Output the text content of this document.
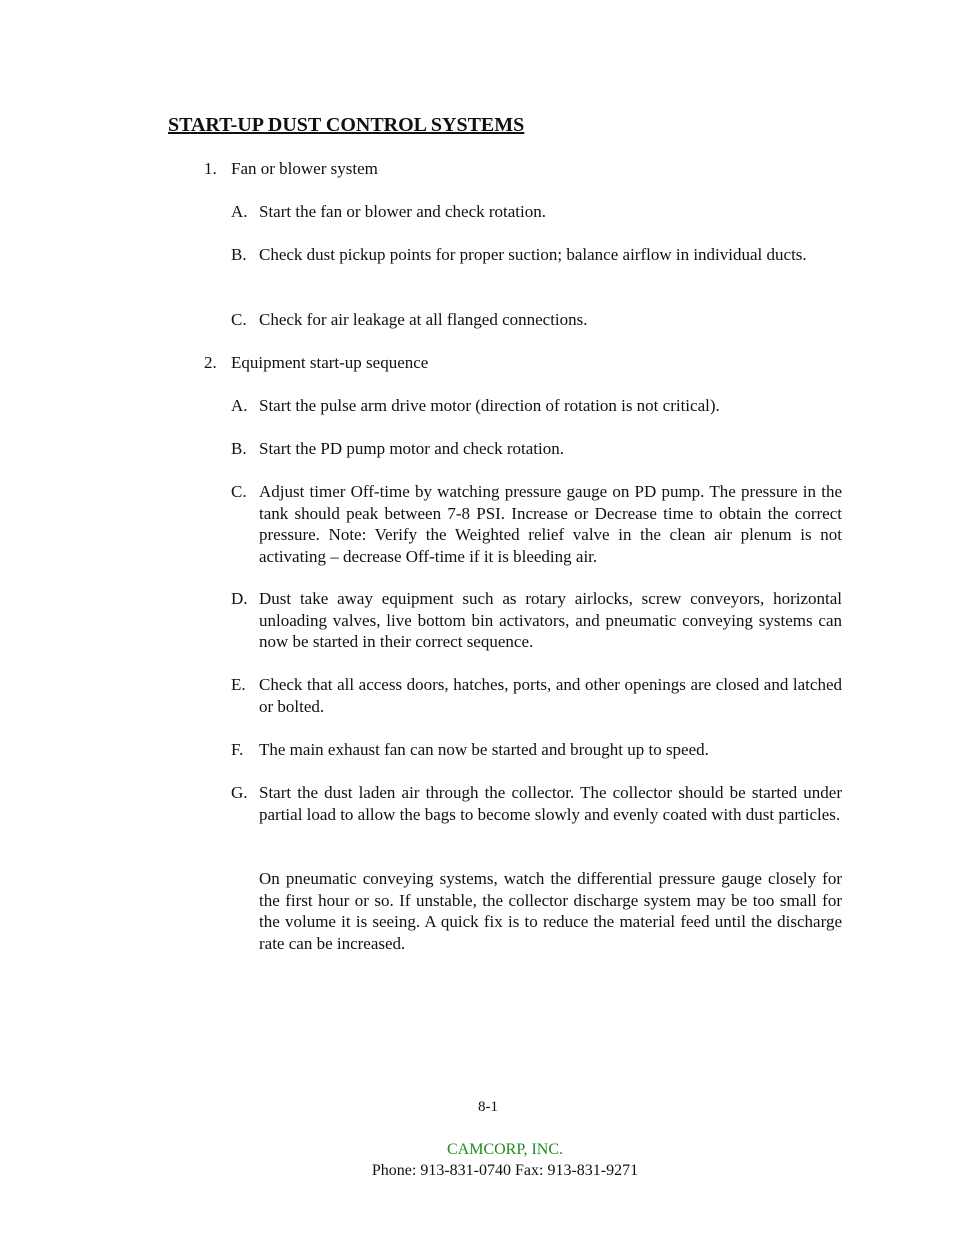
START-UP DUST CONTROL SYSTEMS
1. Fan or blower system
A. Start the fan or blower and check rotation.
B. Check dust pickup points for proper suction; balance airflow in individual ducts.
C. Check for air leakage at all flanged connections.
2. Equipment start-up sequence
A. Start the pulse arm drive motor (direction of rotation is not critical).
B. Start the PD pump motor and check rotation.
C. Adjust timer Off-time by watching pressure gauge on PD pump. The pressure in the tank should peak between 7-8 PSI. Increase or Decrease time to obtain the correct pressure. Note: Verify the Weighted relief valve in the clean air plenum is not activating – decrease Off-time if it is bleeding air.
D. Dust take away equipment such as rotary airlocks, screw conveyors, horizontal unloading valves, live bottom bin activators, and pneumatic conveying systems can now be started in their correct sequence.
E. Check that all access doors, hatches, ports, and other openings are closed and latched or bolted.
F. The main exhaust fan can now be started and brought up to speed.
G. Start the dust laden air through the collector. The collector should be started under partial load to allow the bags to become slowly and evenly coated with dust particles.
On pneumatic conveying systems, watch the differential pressure gauge closely for the first hour or so. If unstable, the collector discharge system may be too small for the volume it is seeing. A quick fix is to reduce the material feed until the discharge rate can be increased.
8-1
CAMCORP, INC.
Phone: 913-831-0740 Fax: 913-831-9271
